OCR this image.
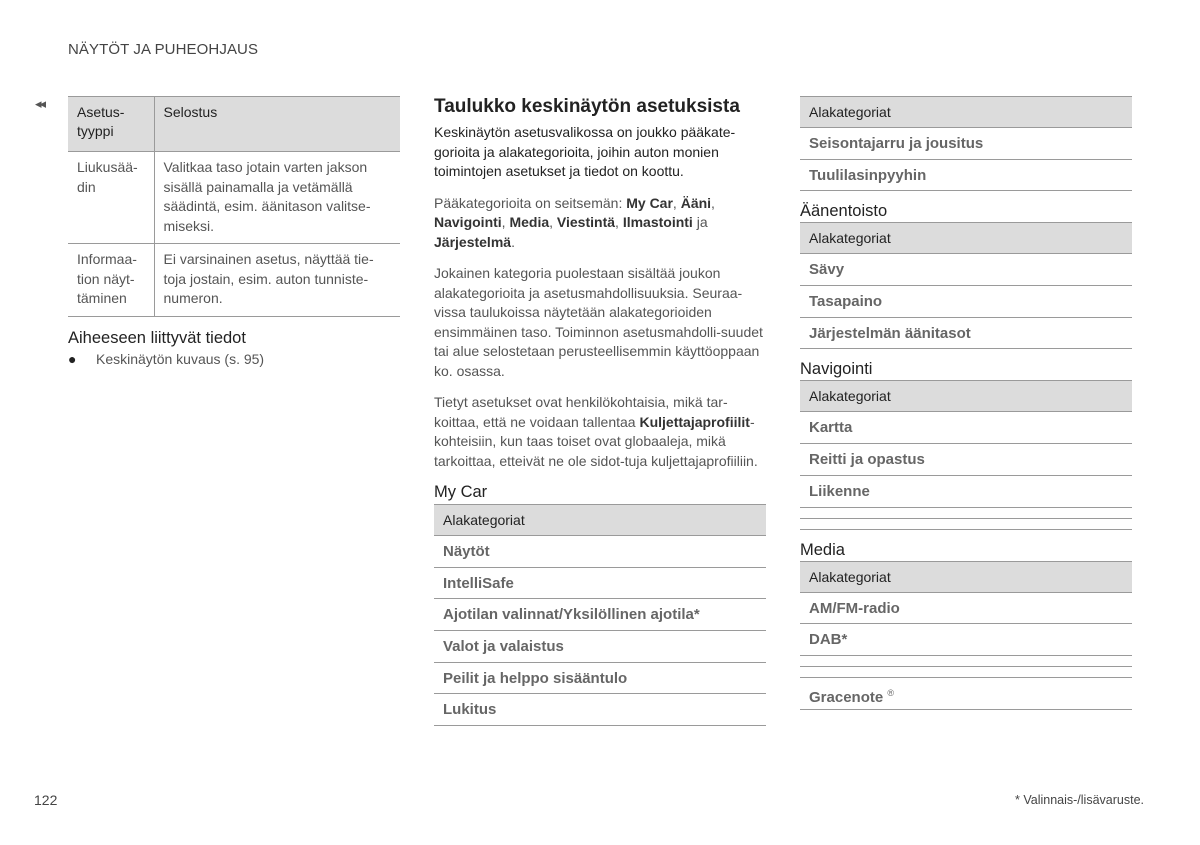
NÄYTÖT JA PUHEOHJAUS
◂◂
Asetus-
tyyppi	Selostus
Liukusää-
din	Valitkaa taso jotain varten jakson sisällä painamalla ja vetämällä säädintä, esim. äänitason valitse-miseksi.
Informaa-
tion näyt-
täminen	Ei varsinainen asetus, näyttää tie-toja jostain, esim. auton tunniste-numeron.
Aiheeseen liittyvät tiedot
●	Keskinäytön kuvaus (s. 95)
Taulukko keskinäytön asetuksista
Keskinäytön asetusvalikossa on joukko pääkate-gorioita ja alakategorioita, joihin auton monien toimintojen asetukset ja tiedot on koottu.
Pääkategorioita on seitsemän: My Car, Ääni, Navigointi, Media, Viestintä, Ilmastointi ja Järjestelmä.
Jokainen kategoria puolestaan sisältää joukon alakategorioita ja asetusmahdollisuuksia. Seuraa-vissa taulukoissa näytetään alakategorioiden ensimmäinen taso. Toiminnon asetusmahdolli-suudet tai alue selostetaan perusteellisemmin käyttöoppaan ko. osassa.
Tietyt asetukset ovat henkilökohtaisia, mikä tar-koittaa, että ne voidaan tallentaa Kuljettajaprofiilit-kohteisiin, kun taas toiset ovat globaaleja, mikä tarkoittaa, etteivät ne ole sidot-tuja kuljettajaprofiiliin.
My Car
Alakategoriat
Näytöt
IntelliSafe
Ajotilan valinnat/Yksilöllinen ajotila*
Valot ja valaistus
Peilit ja helppo sisääntulo
Lukitus
Alakategoriat
Seisontajarru ja jousitus
Tuulilasinpyyhin
Äänentoisto
Alakategoriat
Sävy
Tasapaino
Järjestelmän äänitasot
Navigointi
Alakategoriat
Kartta
Reitti ja opastus
Liikenne
Media
Alakategoriat
AM/FM-radio
DAB*
Gracenote ®
122	* Valinnais-/lisävaruste.
